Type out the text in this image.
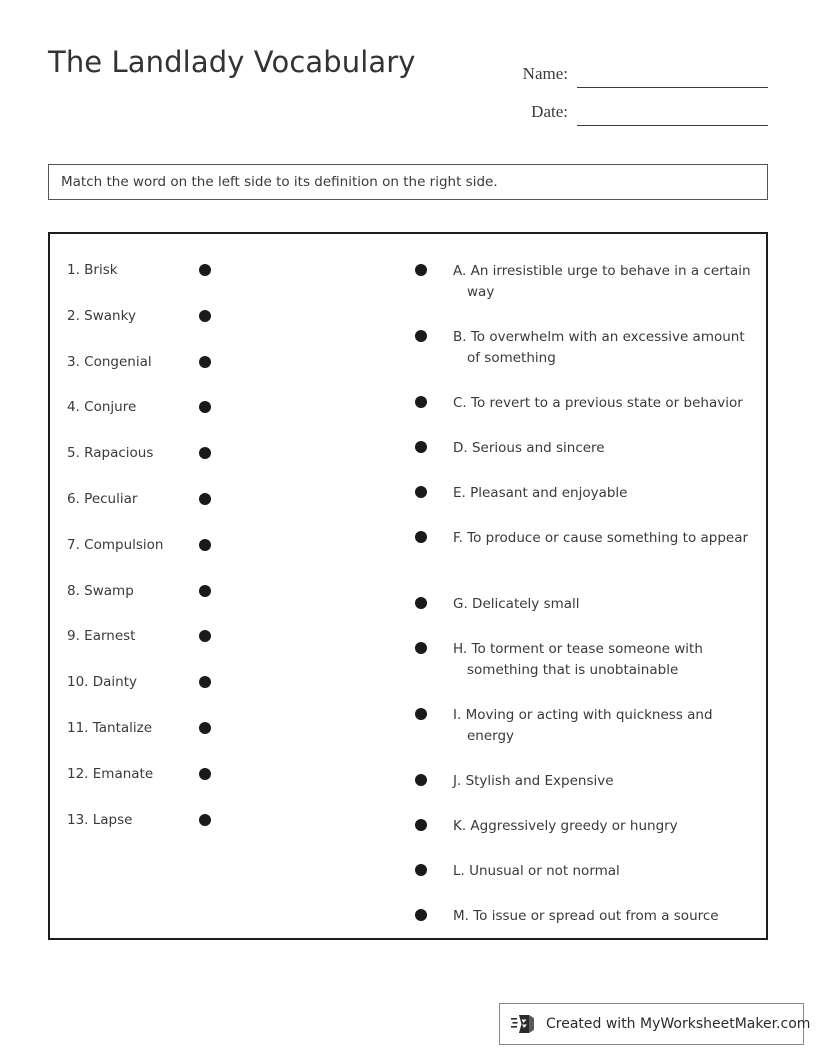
The Landlady Vocabulary	Name:
Date:
Match the word on the left side to its definition on the right side.
1. Brisk
2. Swanky
3. Congenial
4. Conjure
5. Rapacious
6. Peculiar
7. Compulsion
8. Swamp
9. Earnest
10. Dainty
11. Tantalize
12. Emanate
13. Lapse
A. An irresistible urge to behave in a certain way
B. To overwhelm with an excessive amount of something
C. To revert to a previous state or behavior
D. Serious and sincere
E. Pleasant and enjoyable
F. To produce or cause something to appear
G. Delicately small
H. To torment or tease someone with something that is unobtainable
I. Moving or acting with quickness and energy
J. Stylish and Expensive
K. Aggressively greedy or hungry
L. Unusual or not normal
M. To issue or spread out from a source
Created with MyWorksheetMaker.com
